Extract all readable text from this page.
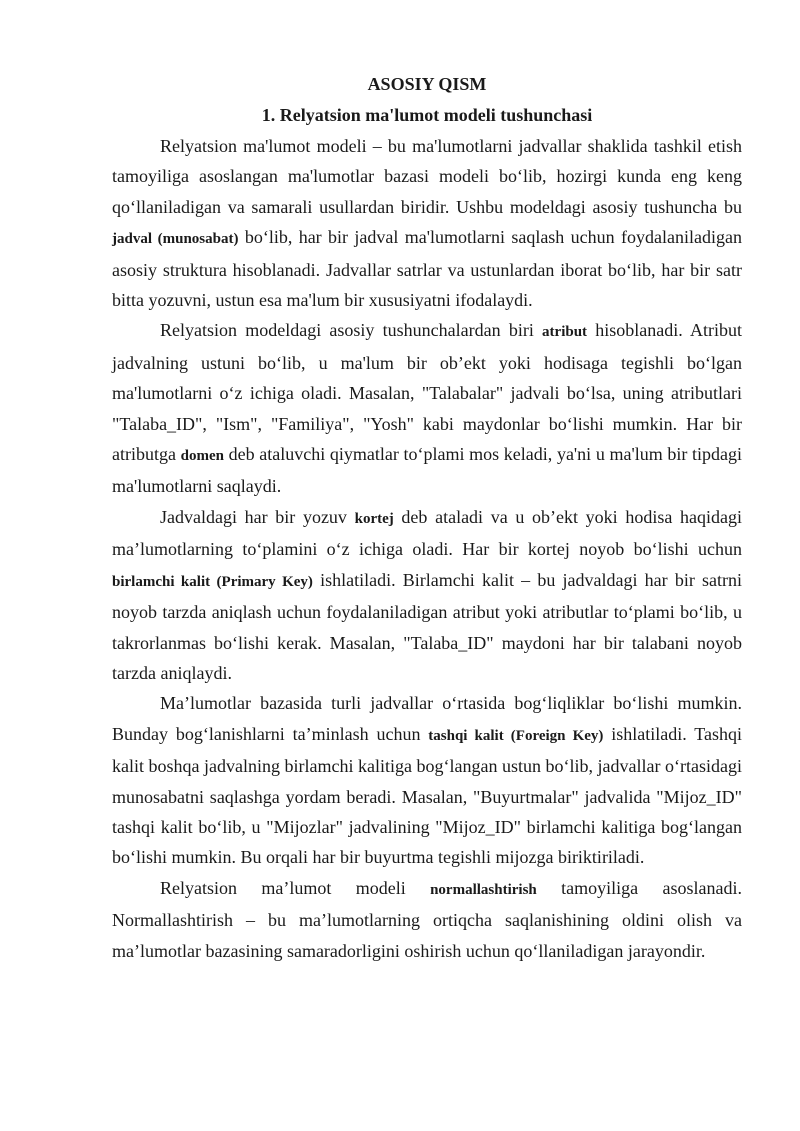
ASOSIY QISM
1. Relyatsion ma'lumot modeli tushunchasi

Relyatsion ma'lumot modeli – bu ma'lumotlarni jadvallar shaklida tashkil etish tamoyiliga asoslangan ma'lumotlar bazasi modeli bo‘lib, hozirgi kunda eng keng qo‘llaniladigan va samarali usullardan biridir. Ushbu modeldagi asosiy tushuncha bu jadval (munosabat) bo‘lib, har bir jadval ma'lumotlarni saqlash uchun foydalaniladigan asosiy struktura hisoblanadi. Jadvallar satrlar va ustunlardan iborat bo‘lib, har bir satr bitta yozuvni, ustun esa ma'lum bir xususiyatni ifodalaydi.

Relyatsion modeldagi asosiy tushunchalardan biri atribut hisoblanadi. Atribut jadvalning ustuni bo‘lib, u ma'lum bir ob’ekt yoki hodisaga tegishli bo‘lgan ma'lumotlarni o‘z ichiga oladi. Masalan, "Talabalar" jadvali bo‘lsa, uning atributlari "Talaba_ID", "Ism", "Familiya", "Yosh" kabi maydonlar bo‘lishi mumkin. Har bir atributga domen deb ataluvchi qiymatlar to‘plami mos keladi, ya'ni u ma'lum bir tipdagi ma'lumotlarni saqlaydi.

Jadvaldagi har bir yozuv kortej deb ataladi va u ob’ekt yoki hodisa haqidagi ma’lumotlarning to‘plamini o‘z ichiga oladi. Har bir kortej noyob bo‘lishi uchun birlamchi kalit (Primary Key) ishlatiladi. Birlamchi kalit – bu jadvaldagi har bir satrni noyob tarzda aniqlash uchun foydalaniladigan atribut yoki atributlar to‘plami bo‘lib, u takrorlanmas bo‘lishi kerak. Masalan, "Talaba_ID" maydoni har bir talabani noyob tarzda aniqlaydi.

Ma’lumotlar bazasida turli jadvallar o‘rtasida bog‘liqliklar bo‘lishi mumkin. Bunday bog‘lanishlarni ta’minlash uchun tashqi kalit (Foreign Key) ishlatiladi. Tashqi kalit boshqa jadvalning birlamchi kalitiga bog‘langan ustun bo‘lib, jadvallar o‘rtasidagi munosabatni saqlashga yordam beradi. Masalan, "Buyurtmalar" jadvalida "Mijoz_ID" tashqi kalit bo‘lib, u "Mijozlar" jadvalining "Mijoz_ID" birlamchi kalitiga bog‘langan bo‘lishi mumkin. Bu orqali har bir buyurtma tegishli mijozga biriktiriladi.

Relyatsion ma’lumot modeli normallashtirish tamoyiliga asoslanadi. Normallashtirish – bu ma’lumotlarning ortiqcha saqlanishining oldini olish va ma’lumotlar bazasining samaradorligini oshirish uchun qo‘llaniladigan jarayondir.
